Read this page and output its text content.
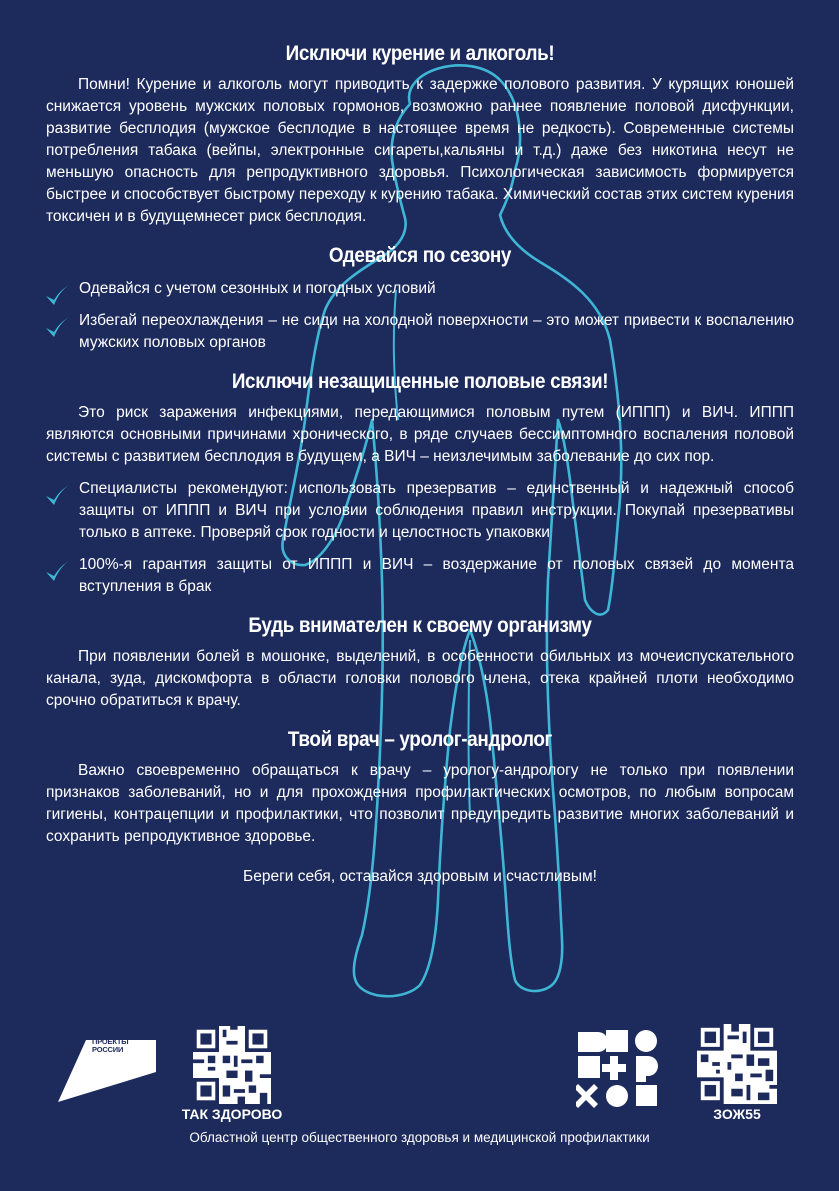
Исключи курение и алкоголь!

Помни! Курение и алкоголь могут приводить к задержке полового развития. У курящих юношей снижается уровень мужских половых гормонов, возможно раннее появление половой дисфункции, развитие бесплодия (мужское бесплодие в настоящее время не редкость). Современные системы потребления табака (вейпы, электронные сигареты,кальяны и т.д.) даже без никотина несут не меньшую опасность для репродуктивного здоровья. Психологическая зависимость формируется быстрее и способствует быстрому переходу к курению табака. Химический состав этих систем курения токсичен и в будущемнесет риск бесплодия.

Одевайся по сезону
Одевайся с учетом сезонных и погодных условий
Избегай переохлаждения – не сиди на холодной поверхности – это может привести к воспалению мужских половых органов
Исключи незащищенные половые связи!

Это риск заражения инфекциями, передающимися половым путем (ИППП) и ВИЧ. ИППП являются основными причинами хронического, в ряде случаев бессимптомного воспаления половой системы с развитием бесплодия в будущем, а ВИЧ – неизлечимым заболевание до сих пор.

Специалисты рекомендуют: использовать презерватив – единственный и надежный способ защиты от ИППП и ВИЧ при условии соблюдения правил инструкции. Покупай презервативы только в аптеке. Проверяй срок годности и целостность упаковки
100%-я гарантия защиты от ИППП и ВИЧ – воздержание от половых связей до момента вступления в брак
Будь внимателен к своему организму

При появлении болей в мошонке, выделений, в особенности обильных из мочеиспускательного канала, зуда, дискомфорта в области головки полового члена, отека крайней плоти необходимо срочно обратиться к врачу.

Твой врач – уролог-андролог

Важно своевременно обращаться к врачу – урологу-андрологу не только при появлении признаков заболеваний, но и для прохождения профилактических осмотров, по любым вопросам гигиены, контрацепции и профилактики, что позволит предупредить развитие многих заболеваний и сохранить репродуктивное здоровье.

Береги себя, оставайся здоровым и счастливым!

НАЦИОНАЛЬНЫЕ ПРОЕКТЫ РОССИИ
ТАК ЗДОРОВО	ЗОЖ55
Областной центр общественного здоровья и медицинской профилактики
